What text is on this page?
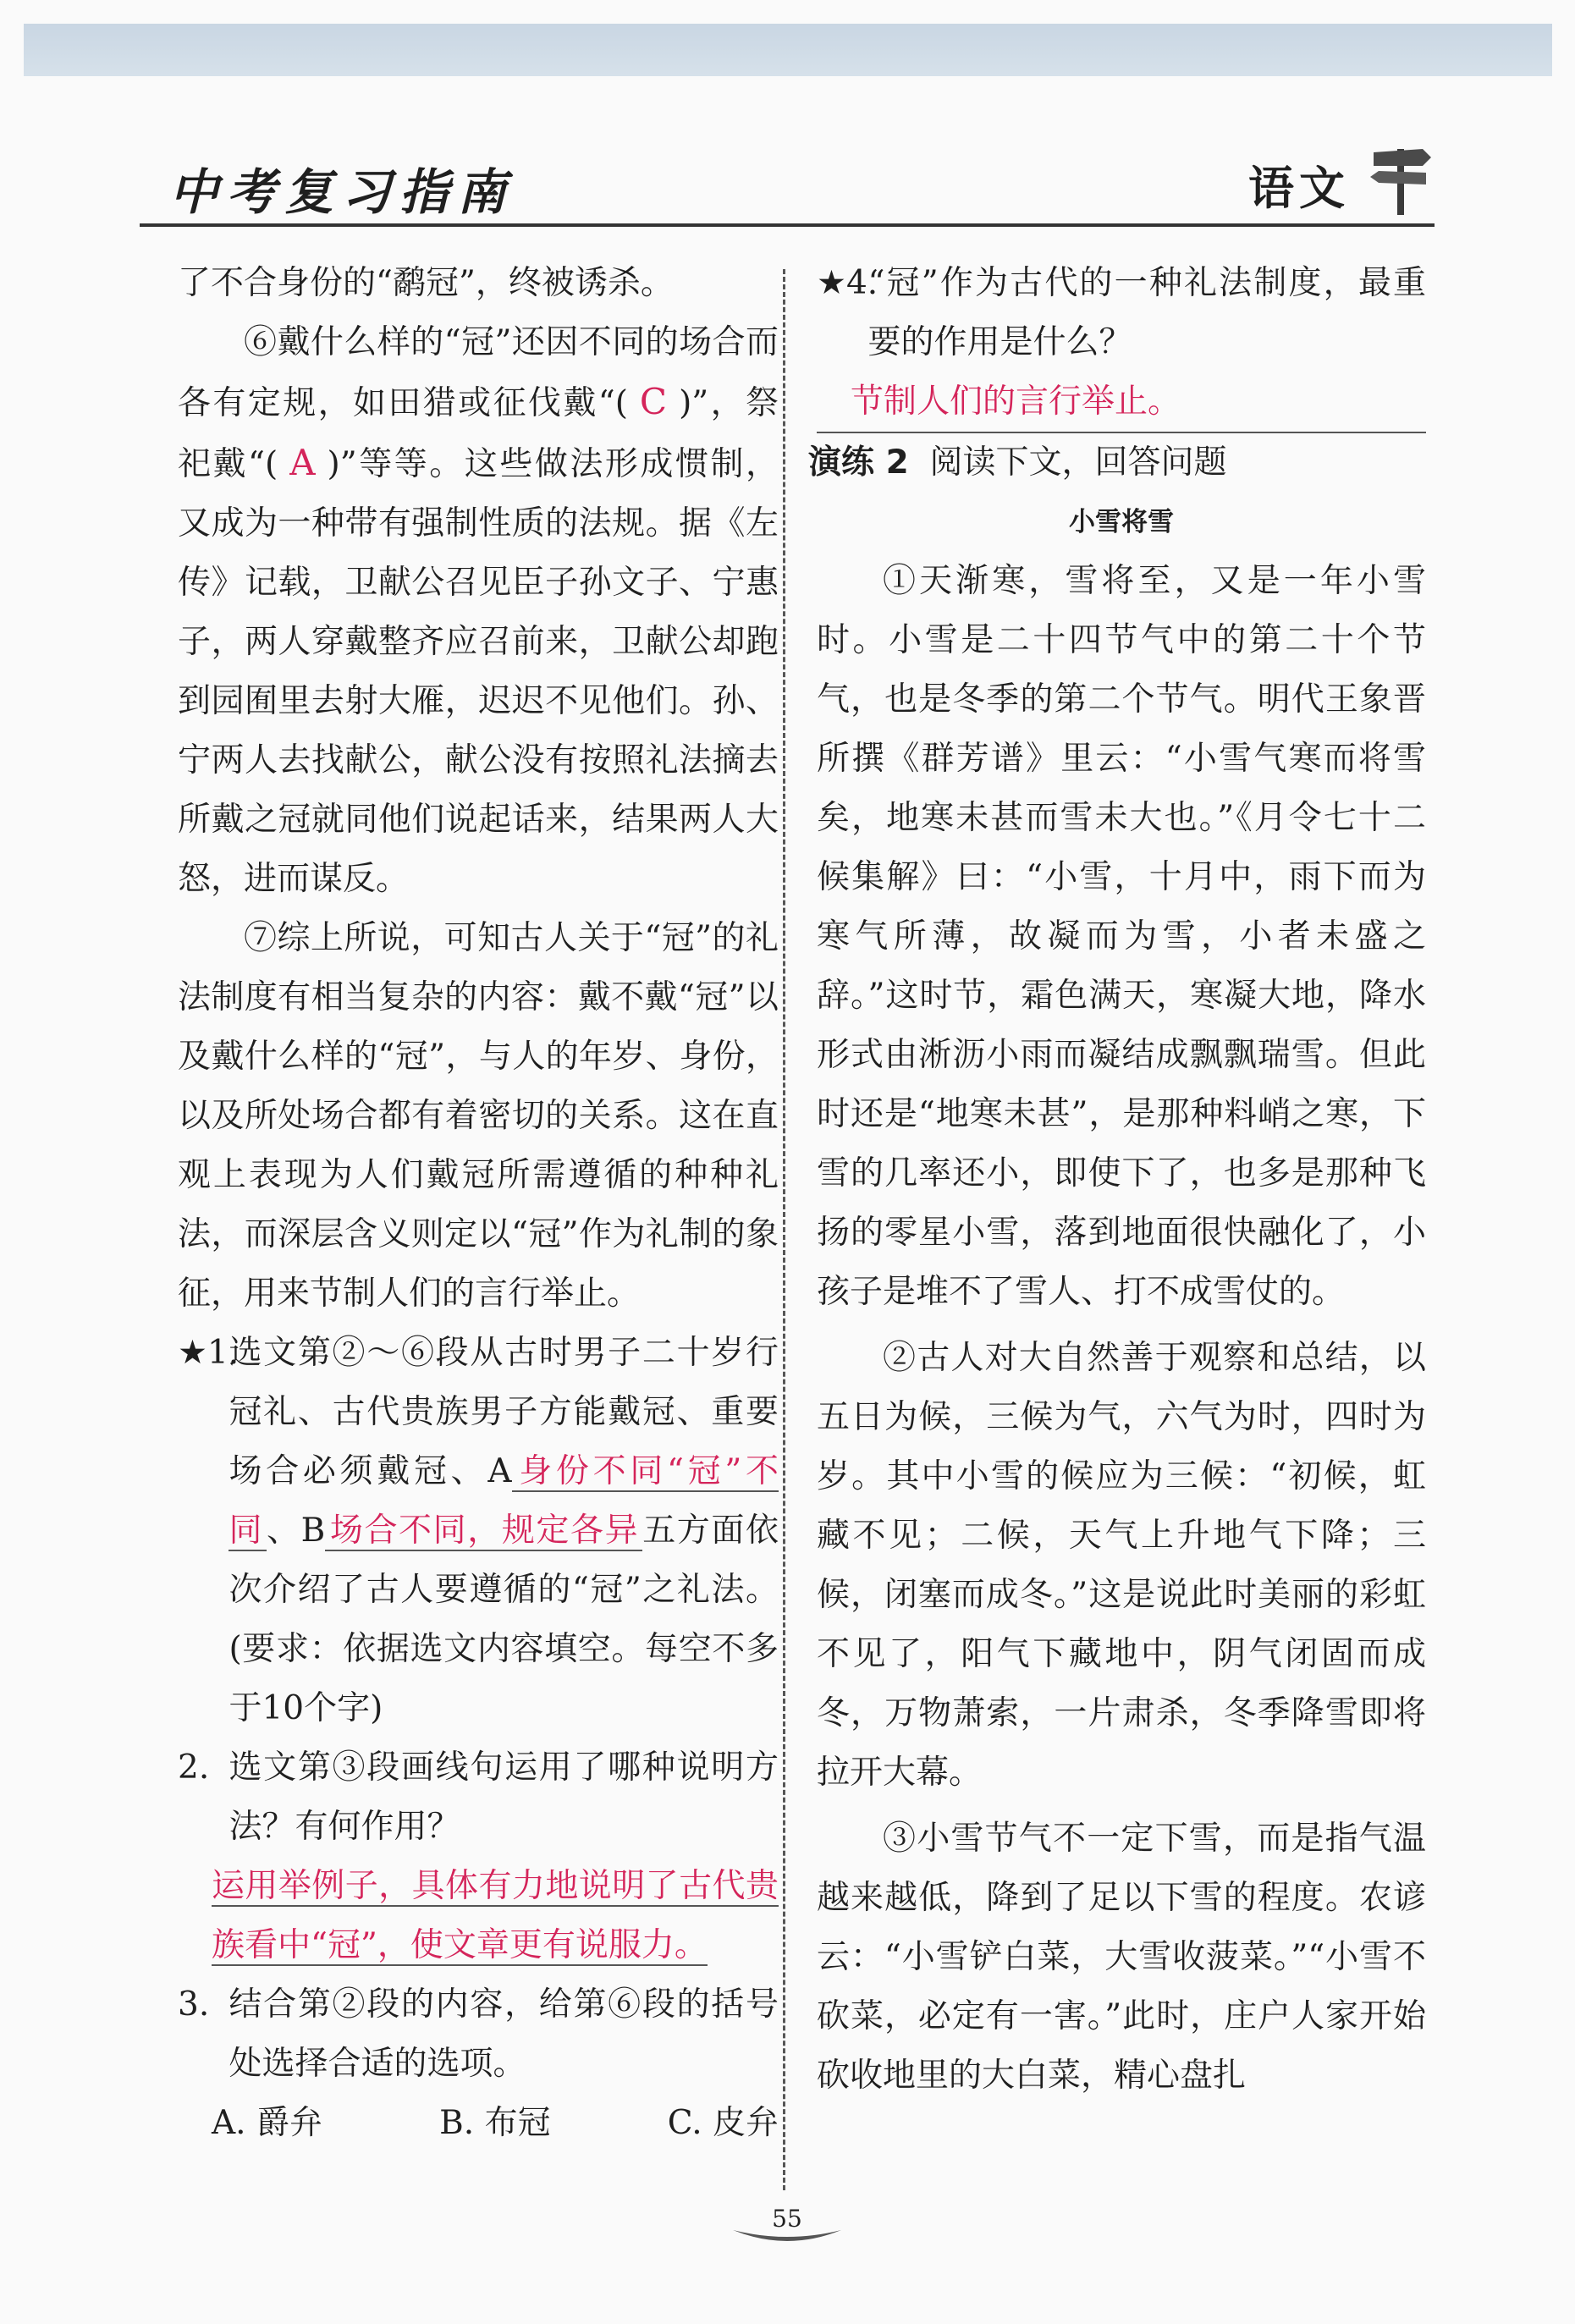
中考复习指南	语文

了不合身份的“鹬冠”，终被诱杀。

⑥戴什么样的“冠”还因不同的场合而各有定规，如田猎或征伐戴“( C )”，祭祀戴“( A )”等等。这些做法形成惯制，又成为一种带有强制性质的法规。据《左传》记载，卫献公召见臣子孙文子、宁惠子，两人穿戴整齐应召前来，卫献公却跑到园囿里去射大雁，迟迟不见他们。孙、宁两人去找献公，献公没有按照礼法摘去所戴之冠就同他们说起话来，结果两人大怒，进而谋反。

⑦综上所说，可知古人关于“冠”的礼法制度有相当复杂的内容：戴不戴“冠”以及戴什么样的“冠”，与人的年岁、身份，以及所处场合都有着密切的关系。这在直观上表现为人们戴冠所需遵循的种种礼法，而深层含义则定以“冠”作为礼制的象征，用来节制人们的言行举止。

★1.
选文第②～⑥段从古时男子二十岁行冠礼、古代贵族男子方能戴冠、重要场合必须戴冠、A 身份不同“冠”不同 、B 场合不同，规定各异 五方面依次介绍了古人要遵循的“冠”之礼法。(要求：依据选文内容填空。每空不多于10个字)

2. 选文第③段画线句运用了哪种说明方法？有何作用？

运用举例子，具体有力地说明了古代贵族看中“冠”，使文章更有说服力。

3. 结合第②段的内容，给第⑥段的括号处选择合适的选项。

A. 爵弁	B. 布冠	C. 皮弁

★4.
“冠”作为古代的一种礼法制度，最重要的作用是什么？

节制人们的言行举止。

演练 2 阅读下文，回答问题

小雪将雪

①天渐寒，雪将至，又是一年小雪时。小雪是二十四节气中的第二十个节气，也是冬季的第二个节气。明代王象晋所撰《群芳谱》里云：“小雪气寒而将雪矣，地寒未甚而雪未大也。”《月令七十二候集解》曰：“小雪，十月中，雨下而为寒气所薄，故凝而为雪，小者未盛之辞。”这时节，霜色满天，寒凝大地，降水形式由淅沥小雨而凝结成飘飘瑞雪。但此时还是“地寒未甚”，是那种料峭之寒，下雪的几率还小，即使下了，也多是那种飞扬的零星小雪，落到地面很快融化了，小孩子是堆不了雪人、打不成雪仗的。

②古人对大自然善于观察和总结，以五日为候，三候为气，六气为时，四时为岁。其中小雪的候应为三候：“初候，虹藏不见；二候，天气上升地气下降；三候，闭塞而成冬。”这是说此时美丽的彩虹不见了，阳气下藏地中，阴气闭固而成冬，万物萧索，一片肃杀，冬季降雪即将拉开大幕。

③小雪节气不一定下雪，而是指气温越来越低，降到了足以下雪的程度。农谚云：“小雪铲白菜，大雪收菠菜。”“小雪不砍菜，必定有一害。”此时，庄户人家开始砍收地里的大白菜，精心盘扎

55
